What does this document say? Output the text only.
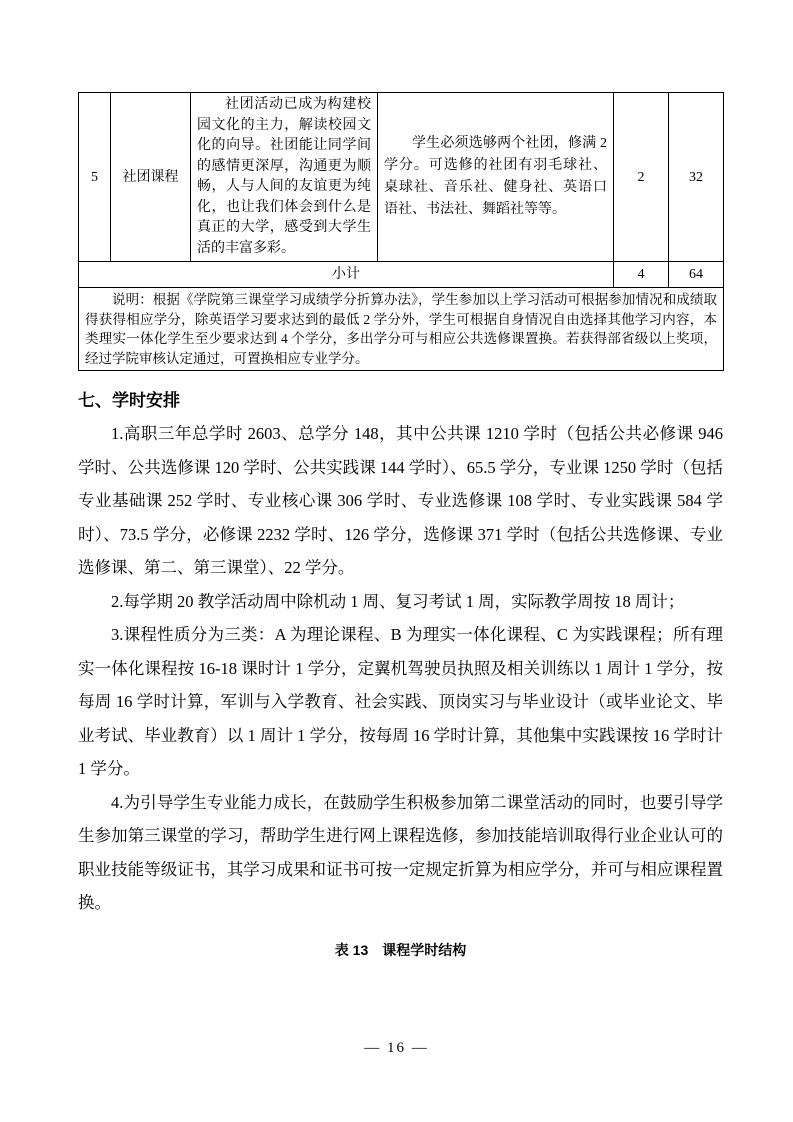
5	社团课程	社团活动已成为构建校园文化的主力，解读校园文化的向导。社团能让同学间的感情更深厚，沟通更为顺畅，人与人间的友谊更为纯化，也让我们体会到什么是真正的大学，感受到大学生活的丰富多彩。	学生必须选够两个社团，修满 2 学分。可选修的社团有羽毛球社、桌球社、音乐社、健身社、英语口语社、书法社、舞蹈社等等。	2	32
小计				4	64

说明：根据《学院第三课堂学习成绩学分折算办法》，学生参加以上学习活动可根据参加情况和成绩取得获得相应学分，除英语学习要求达到的最低 2 学分外，学生可根据自身情况自由选择其他学习内容，本类理实一体化学生至少要求达到 4 个学分，多出学分可与相应公共选修课置换。若获得部省级以上奖项，经过学院审核认定通过，可置换相应专业学分。					

七、学时安排

1.高职三年总学时 2603、总学分 148，其中公共课 1210 学时（包括公共必修课 946 学时、公共选修课 120 学时、公共实践课 144 学时）、65.5 学分，专业课 1250 学时（包括专业基础课 252 学时、专业核心课 306 学时、专业选修课 108 学时、专业实践课 584 学时）、73.5 学分，必修课 2232 学时、126 学分，选修课 371 学时（包括公共选修课、专业选修课、第二、第三课堂）、22 学分。

2.每学期 20 教学活动周中除机动 1 周、复习考试 1 周，实际教学周按 18 周计；

3.课程性质分为三类：A 为理论课程、B 为理实一体化课程、C 为实践课程；所有理实一体化课程按 16-18 课时计 1 学分，定翼机驾驶员执照及相关训练以 1 周计 1 学分，按每周 16 学时计算，军训与入学教育、社会实践、顶岗实习与毕业设计（或毕业论文、毕业考试、毕业教育）以 1 周计 1 学分，按每周 16 学时计算，其他集中实践课按 16 学时计 1 学分。

4.为引导学生专业能力成长，在鼓励学生积极参加第二课堂活动的同时，也要引导学生参加第三课堂的学习，帮助学生进行网上课程选修，参加技能培训取得行业企业认可的职业技能等级证书，其学习成果和证书可按一定规定折算为相应学分，并可与相应课程置换。

表 13　课程学时结构
— 16 —
